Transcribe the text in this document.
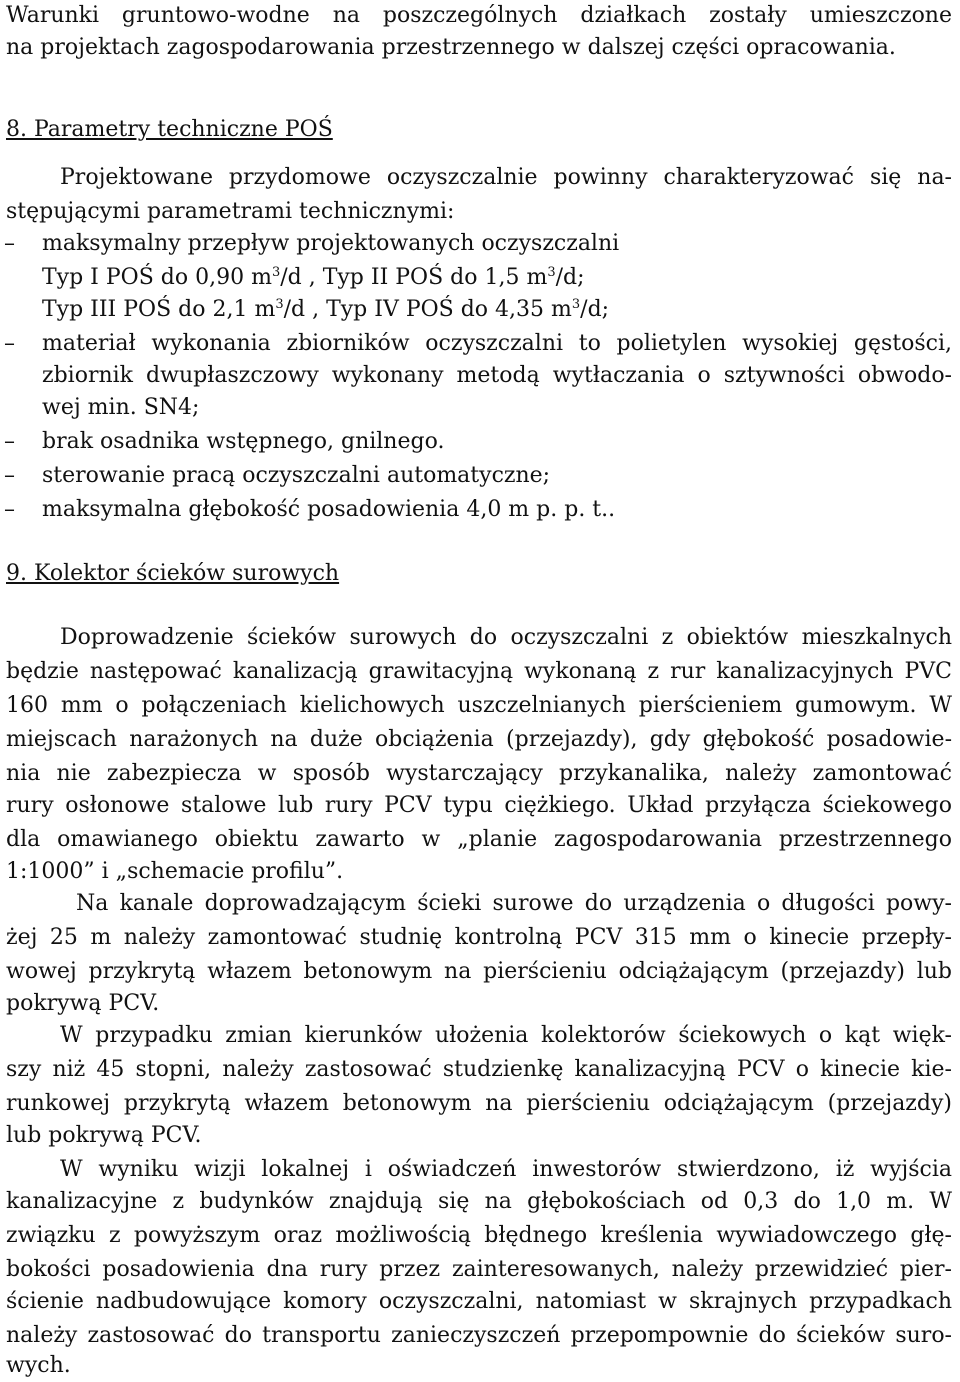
Warunki gruntowo-wodne na poszczególnych działkach zostały umieszczone
na projektach zagospodarowania przestrzennego w dalszej części opracowania.
8. Parametry techniczne POŚ
Projektowane przydomowe oczyszczalnie powinny charakteryzować się na-
stępującymi parametrami technicznymi:
– maksymalny przepływ projektowanych oczyszczalni
Typ I POŚ do 0,90 $m^3/d$ , Typ II POŚ do 1,5 $m^3/d$;
Typ III POŚ do 2,1 $m^3/d$ , Typ IV POŚ do 4,35 $m^3/d$;
– materiał wykonania zbiorników oczyszczalni to polietylen wysokiej gęstości,
zbiornik dwupłaszczowy wykonany metodą wytłaczania o sztywności obwodo-
wej min. SN4;
– brak osadnika wstępnego, gnilnego.
– sterowanie pracą oczyszczalni automatyczne;
– maksymalna głębokość posadowienia 4,0 m p. p. t..
9. Kolektor ścieków surowych
Doprowadzenie ścieków surowych do oczyszczalni z obiektów mieszkalnych
będzie następować kanalizacją grawitacyjną wykonaną z rur kanalizacyjnych PVC
160 mm o połączeniach kielichowych uszczelnianych pierścieniem gumowym. W
miejscach narażonych na duże obciążenia (przejazdy), gdy głębokość posadowie-
nia nie zabezpiecza w sposób wystarczający przykanalika, należy zamontować
rury osłonowe stalowe lub rury PCV typu ciężkiego. Układ przyłącza ściekowego
dla omawianego obiektu zawarto w „planie zagospodarowania przestrzennego
1:1000” i „schemacie profilu”.
Na kanale doprowadzającym ścieki surowe do urządzenia o długości powy-
żej 25 m należy zamontować studnię kontrolną PCV 315 mm o kinecie przepły-
wowej przykrytą włazem betonowym na pierścieniu odciążającym (przejazdy) lub
pokrywą PCV.
W przypadku zmian kierunków ułożenia kolektorów ściekowych o kąt więk-
szy niż 45 stopni, należy zastosować studzienkę kanalizacyjną PCV o kinecie kie-
runkowej przykrytą włazem betonowym na pierścieniu odciążającym (przejazdy)
lub pokrywą PCV.
W wyniku wizji lokalnej i oświadczeń inwestorów stwierdzono, iż wyjścia
kanalizacyjne z budynków znajdują się na głębokościach od 0,3 do 1,0 m. W
związku z powyższym oraz możliwością błędnego kreślenia wywiadowczego głę-
bokości posadowienia dna rury przez zainteresowanych, należy przewidzieć pier-
ścienie nadbudowujące komory oczyszczalni, natomiast w skrajnych przypadkach
należy zastosować do transportu zanieczyszczeń przepompownie do ścieków suro-
wych.
